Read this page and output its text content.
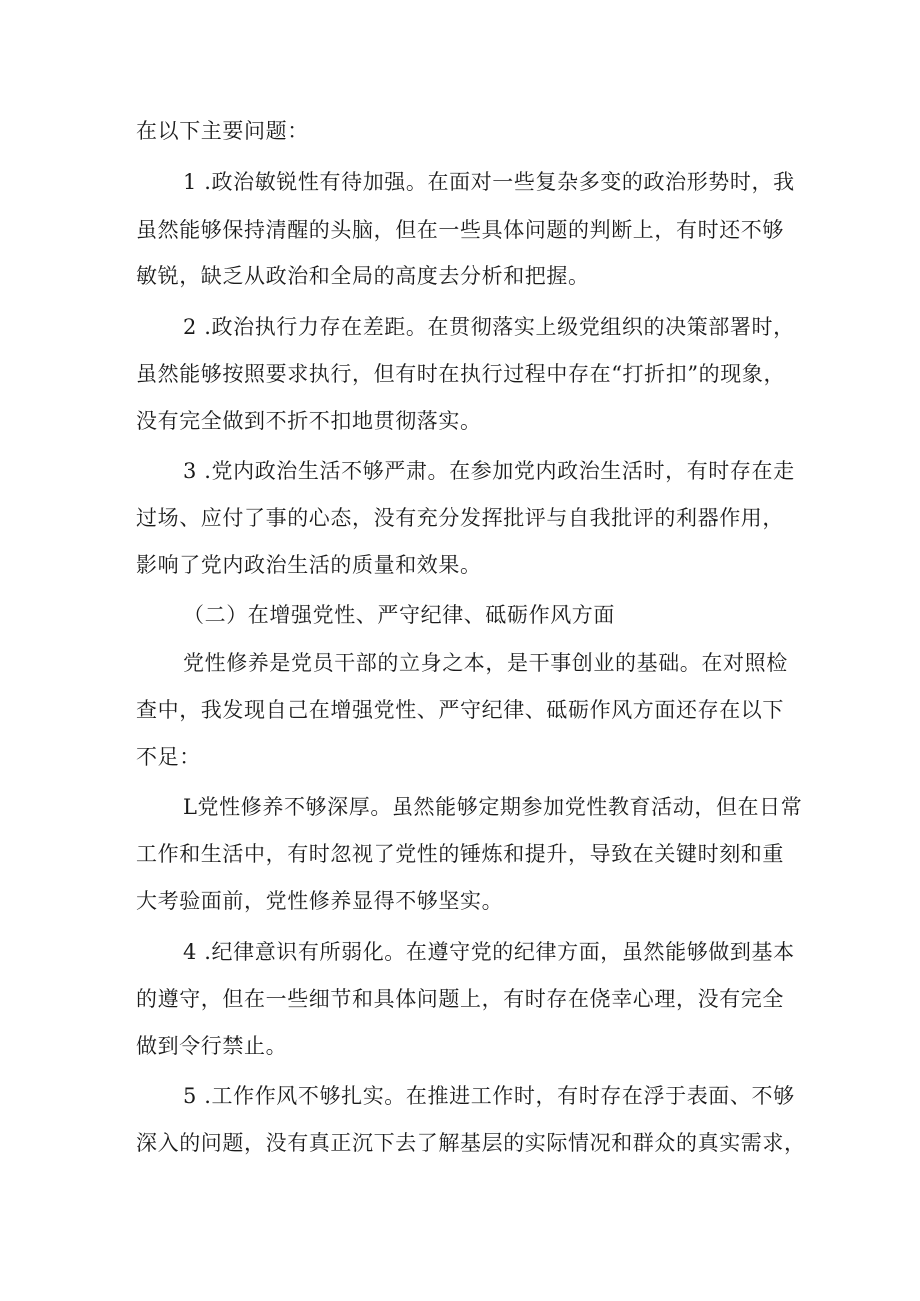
在以下主要问题：
1 .政治敏锐性有待加强。在面对一些复杂多变的政治形势时，我
虽然能够保持清醒的头脑，但在一些具体问题的判断上，有时还不够
敏锐，缺乏从政治和全局的高度去分析和把握。
2 .政治执行力存在差距。在贯彻落实上级党组织的决策部署时，
虽然能够按照要求执行，但有时在执行过程中存在“打折扣”的现象，
没有完全做到不折不扣地贯彻落实。
3 .党内政治生活不够严肃。在参加党内政治生活时，有时存在走
过场、应付了事的心态，没有充分发挥批评与自我批评的利器作用，
影响了党内政治生活的质量和效果。
（二）在增强党性、严守纪律、砥砺作风方面
党性修养是党员干部的立身之本，是干事创业的基础。在对照检
查中，我发现自己在增强党性、严守纪律、砥砺作风方面还存在以下
不足：
L党性修养不够深厚。虽然能够定期参加党性教育活动，但在日常
工作和生活中，有时忽视了党性的锤炼和提升，导致在关键时刻和重
大考验面前，党性修养显得不够坚实。
4 .纪律意识有所弱化。在遵守党的纪律方面，虽然能够做到基本
的遵守，但在一些细节和具体问题上，有时存在侥幸心理，没有完全
做到令行禁止。
5 .工作作风不够扎实。在推进工作时，有时存在浮于表面、不够
深入的问题，没有真正沉下去了解基层的实际情况和群众的真实需求，
